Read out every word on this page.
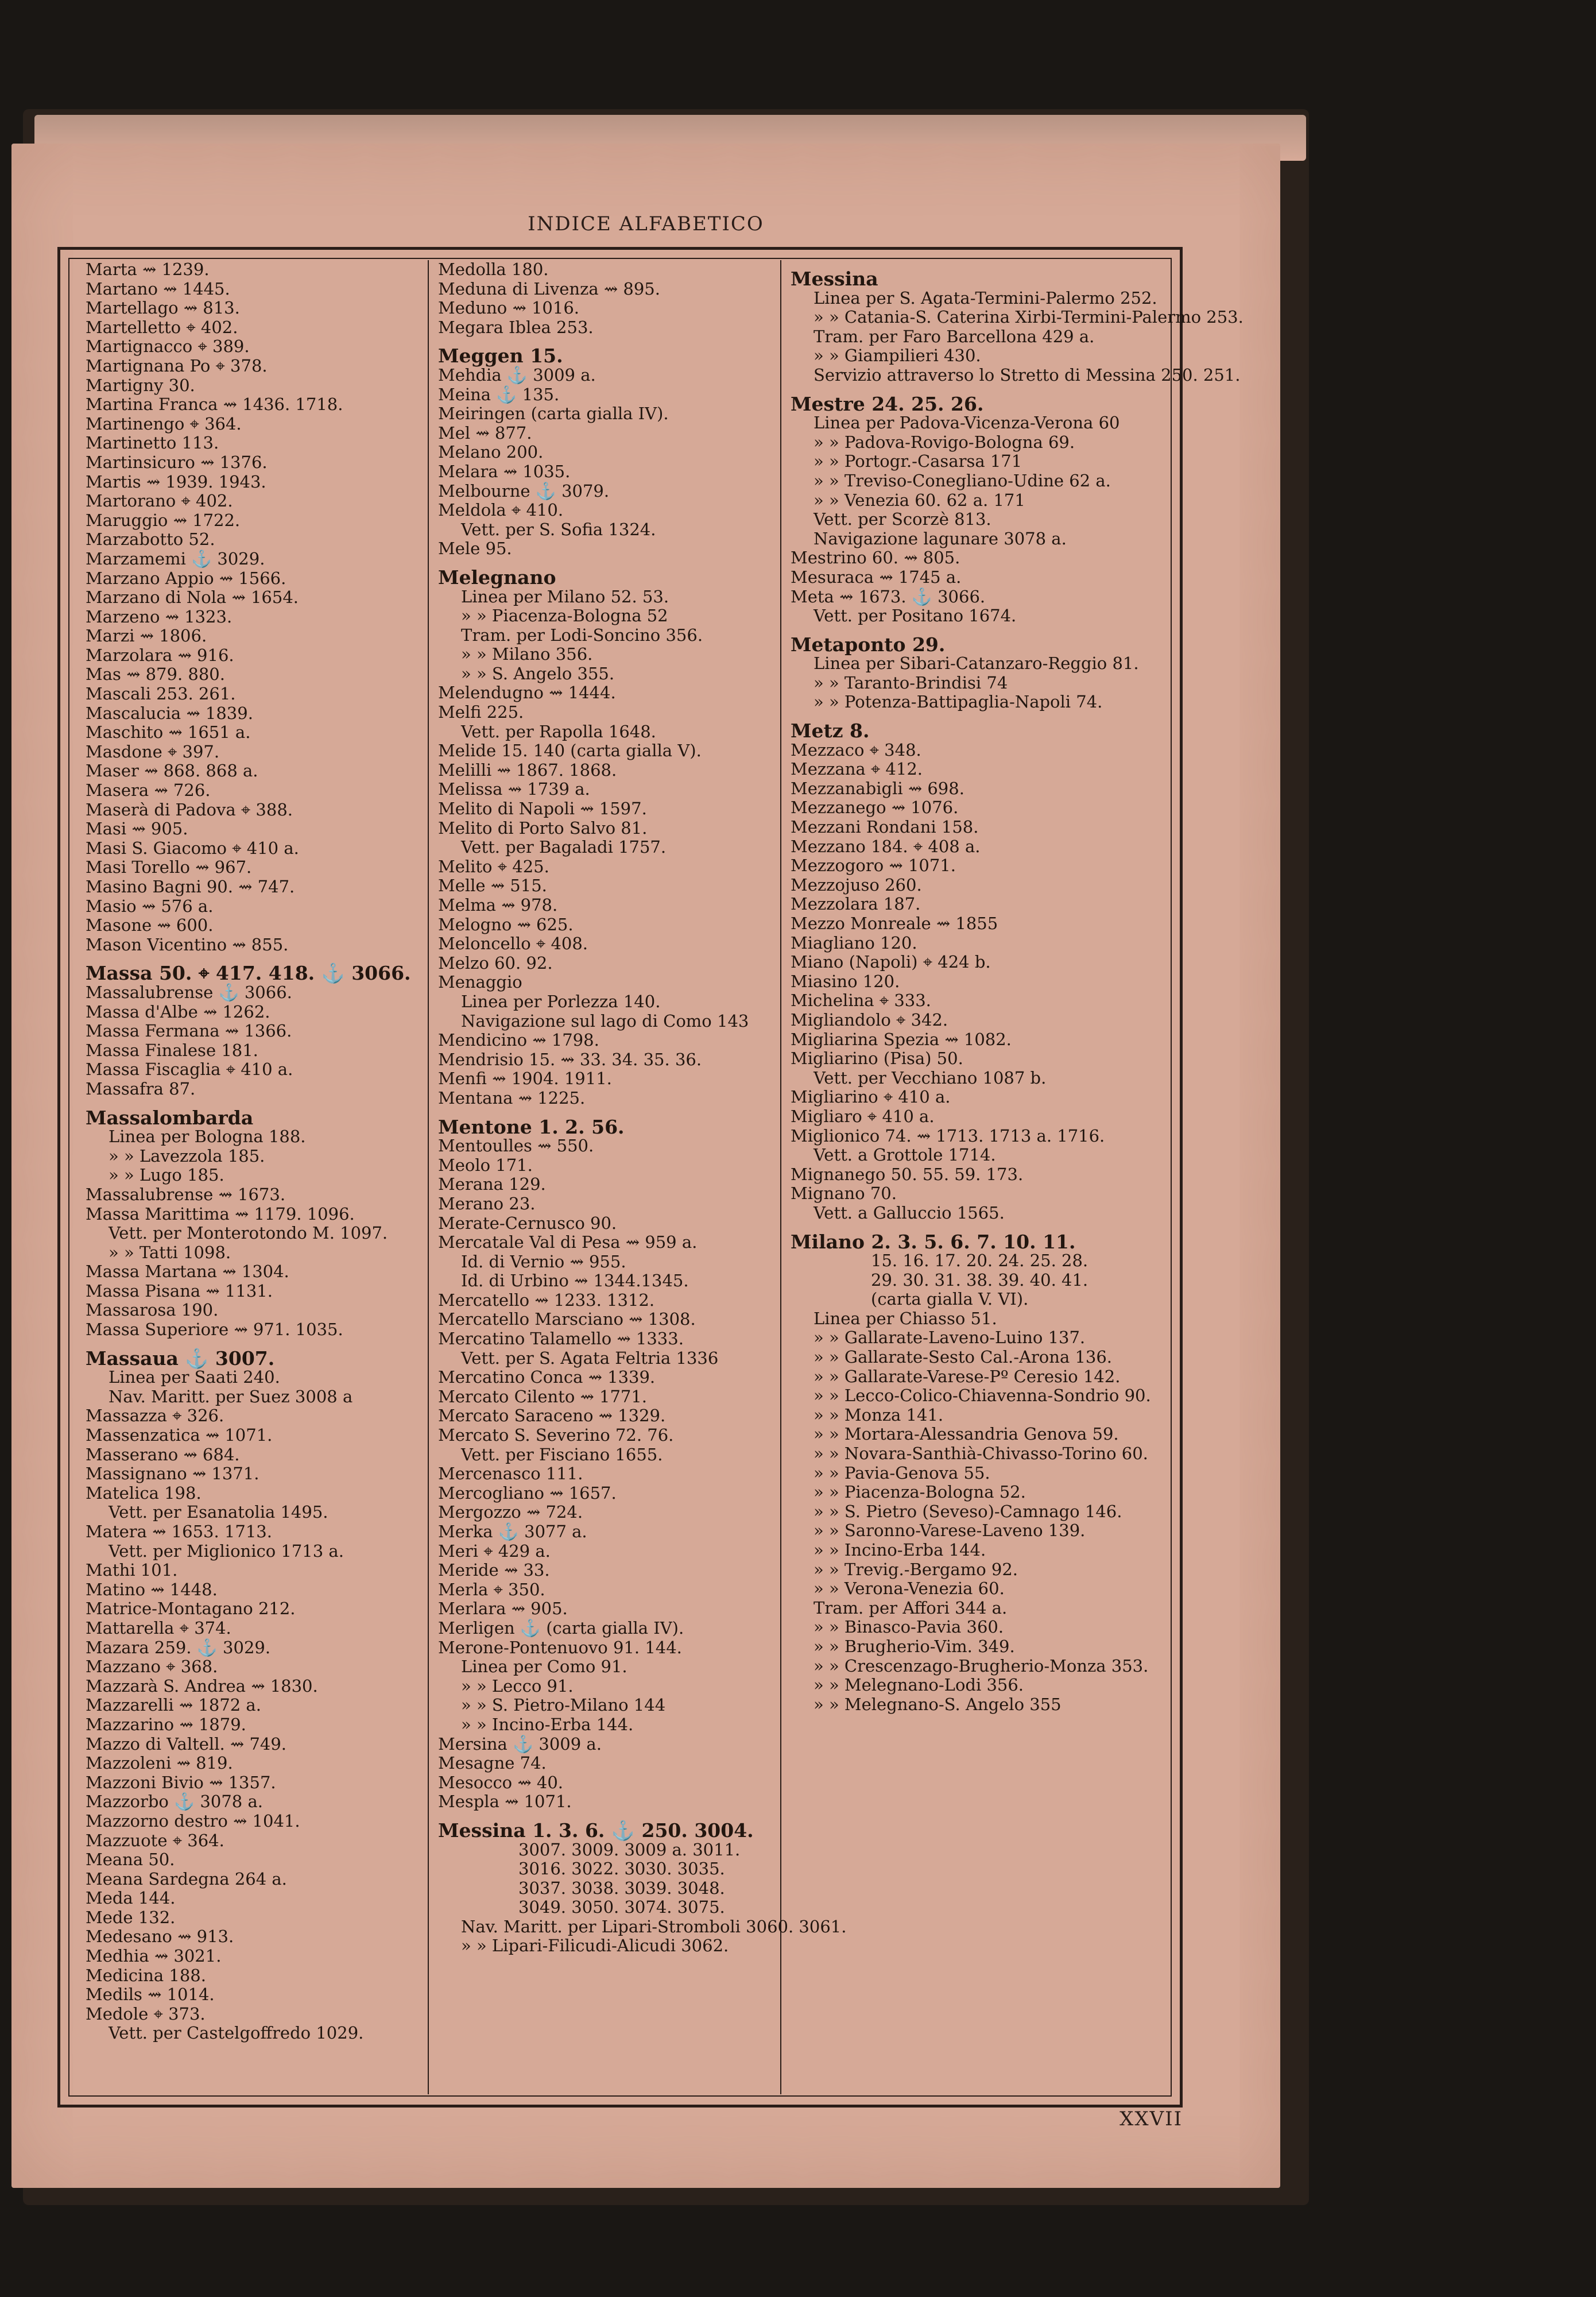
INDICE ALFABETICO
Marta ⇝ 1239.
Martano ⇝ 1445.
Martellago ⇝ 813.
Martelletto ⌖ 402.
Martignacco ⌖ 389.
Martignana Po ⌖ 378.
Martigny 30.
Martina Franca ⇝ 1436. 1718.
Martinengo ⌖ 364.
Martinetto 113.
Martinsicuro ⇝ 1376.
Martis ⇝ 1939. 1943.
Martorano ⌖ 402.
Maruggio ⇝ 1722.
Marzabotto 52.
Marzamemi ⚓ 3029.
Marzano Appio ⇝ 1566.
Marzano di Nola ⇝ 1654.
Marzeno ⇝ 1323.
Marzi ⇝ 1806.
Marzolara ⇝ 916.
Mas ⇝ 879. 880.
Mascali 253. 261.
Mascalucia ⇝ 1839.
Maschito ⇝ 1651 a.
Masdone ⌖ 397.
Maser ⇝ 868. 868 a.
Masera ⇝ 726.
Maserà di Padova ⌖ 388.
Masi ⇝ 905.
Masi S. Giacomo ⌖ 410 a.
Masi Torello ⇝ 967.
Masino Bagni 90. ⇝ 747.
Masio ⇝ 576 a.
Masone ⇝ 600.
Mason Vicentino ⇝ 855.
Massa 50. ⌖ 417. 418. ⚓ 3066.
Massalubrense ⚓ 3066.
Massa d'Albe ⇝ 1262.
Massa Fermana ⇝ 1366.
Massa Finalese 181.
Massa Fiscaglia ⌖ 410 a.
Massafra 87.
Massalombarda
Linea per Bologna 188.
» » Lavezzola 185.
» » Lugo 185.
Massalubrense ⇝ 1673.
Massa Marittima ⇝ 1179. 1096.
Vett. per Monterotondo M. 1097.
» » Tatti 1098.
Massa Martana ⇝ 1304.
Massa Pisana ⇝ 1131.
Massarosa 190.
Massa Superiore ⇝ 971. 1035.
Massaua ⚓ 3007.
Linea per Saati 240.
Nav. Maritt. per Suez 3008 a
Massazza ⌖ 326.
Massenzatica ⇝ 1071.
Masserano ⇝ 684.
Massignano ⇝ 1371.
Matelica 198.
Vett. per Esanatolia 1495.
Matera ⇝ 1653. 1713.
Vett. per Miglionico 1713 a.
Mathi 101.
Matino ⇝ 1448.
Matrice-Montagano 212.
Mattarella ⌖ 374.
Mazara 259. ⚓ 3029.
Mazzano ⌖ 368.
Mazzarà S. Andrea ⇝ 1830.
Mazzarelli ⇝ 1872 a.
Mazzarino ⇝ 1879.
Mazzo di Valtell. ⇝ 749.
Mazzoleni ⇝ 819.
Mazzoni Bivio ⇝ 1357.
Mazzorbo ⚓ 3078 a.
Mazzorno destro ⇝ 1041.
Mazzuote ⌖ 364.
Meana 50.
Meana Sardegna 264 a.
Meda 144.
Mede 132.
Medesano ⇝ 913.
Medhia ⇝ 3021.
Medicina 188.
Medils ⇝ 1014.
Medole ⌖ 373.
Vett. per Castelgoffredo 1029.
Medolla 180.
Meduna di Livenza ⇝ 895.
Meduno ⇝ 1016.
Megara Iblea 253.
Meggen 15.
Mehdia ⚓ 3009 a.
Meina ⚓ 135.
Meiringen (carta gialla IV).
Mel ⇝ 877.
Melano 200.
Melara ⇝ 1035.
Melbourne ⚓ 3079.
Meldola ⌖ 410.
Vett. per S. Sofia 1324.
Mele 95.
Melegnano
Linea per Milano 52. 53.
» » Piacenza-Bologna 52
Tram. per Lodi-Soncino 356.
» » Milano 356.
» » S. Angelo 355.
Melendugno ⇝ 1444.
Melfi 225.
Vett. per Rapolla 1648.
Melide 15. 140 (carta gialla V).
Melilli ⇝ 1867. 1868.
Melissa ⇝ 1739 a.
Melito di Napoli ⇝ 1597.
Melito di Porto Salvo 81.
Vett. per Bagaladi 1757.
Melito ⌖ 425.
Melle ⇝ 515.
Melma ⇝ 978.
Melogno ⇝ 625.
Meloncello ⌖ 408.
Melzo 60. 92.
Menaggio
Linea per Porlezza 140.
Navigazione sul lago di Como 143
Mendicino ⇝ 1798.
Mendrisio 15. ⇝ 33. 34. 35. 36.
Menfi ⇝ 1904. 1911.
Mentana ⇝ 1225.
Mentone 1. 2. 56.
Mentoulles ⇝ 550.
Meolo 171.
Merana 129.
Merano 23.
Merate-Cernusco 90.
Mercatale Val di Pesa ⇝ 959 a.
Id. di Vernio ⇝ 955.
Id. di Urbino ⇝ 1344.1345.
Mercatello ⇝ 1233. 1312.
Mercatello Marsciano ⇝ 1308.
Mercatino Talamello ⇝ 1333.
Vett. per S. Agata Feltria 1336
Mercatino Conca ⇝ 1339.
Mercato Cilento ⇝ 1771.
Mercato Saraceno ⇝ 1329.
Mercato S. Severino 72. 76.
Vett. per Fisciano 1655.
Mercenasco 111.
Mercogliano ⇝ 1657.
Mergozzo ⇝ 724.
Merka ⚓ 3077 a.
Meri ⌖ 429 a.
Meride ⇝ 33.
Merla ⌖ 350.
Merlara ⇝ 905.
Merligen ⚓ (carta gialla IV).
Merone-Pontenuovo 91. 144.
Linea per Como 91.
» » Lecco 91.
» » S. Pietro-Milano 144
» » Incino-Erba 144.
Mersina ⚓ 3009 a.
Mesagne 74.
Mesocco ⇝ 40.
Mespla ⇝ 1071.
Messina 1. 3. 6. ⚓ 250. 3004.
3007. 3009. 3009 a. 3011.
3016. 3022. 3030. 3035.
3037. 3038. 3039. 3048.
3049. 3050. 3074. 3075.
Nav. Maritt. per Lipari-Stromboli 3060. 3061.
» » Lipari-Filicudi-Alicudi 3062.
Messina
Linea per S. Agata-Termini-Palermo 252.
» » Catania-S. Caterina Xirbi-Termini-Palermo 253.
Tram. per Faro Barcellona 429 a.
» » Giampilieri 430.
Servizio attraverso lo Stretto di Messina 250. 251.
Mestre 24. 25. 26.
Linea per Padova-Vicenza-Verona 60
» » Padova-Rovigo-Bologna 69.
» » Portogr.-Casarsa 171
» » Treviso-Conegliano-Udine 62 a.
» » Venezia 60. 62 a. 171
Vett. per Scorzè 813.
Navigazione lagunare 3078 a.
Mestrino 60. ⇝ 805.
Mesuraca ⇝ 1745 a.
Meta ⇝ 1673. ⚓ 3066.
Vett. per Positano 1674.
Metaponto 29.
Linea per Sibari-Catanzaro-Reggio 81.
» » Taranto-Brindisi 74
» » Potenza-Battipaglia-Napoli 74.
Metz 8.
Mezzaco ⌖ 348.
Mezzana ⌖ 412.
Mezzanabigli ⇝ 698.
Mezzanego ⇝ 1076.
Mezzani Rondani 158.
Mezzano 184. ⌖ 408 a.
Mezzogoro ⇝ 1071.
Mezzojuso 260.
Mezzolara 187.
Mezzo Monreale ⇝ 1855
Miagliano 120.
Miano (Napoli) ⌖ 424 b.
Miasino 120.
Michelina ⌖ 333.
Migliandolo ⌖ 342.
Migliarina Spezia ⇝ 1082.
Migliarino (Pisa) 50.
Vett. per Vecchiano 1087 b.
Migliarino ⌖ 410 a.
Migliaro ⌖ 410 a.
Miglionico 74. ⇝ 1713. 1713 a. 1716.
Vett. a Grottole 1714.
Mignanego 50. 55. 59. 173.
Mignano 70.
Vett. a Galluccio 1565.
Milano 2. 3. 5. 6. 7. 10. 11.
15. 16. 17. 20. 24. 25. 28.
29. 30. 31. 38. 39. 40. 41.
(carta gialla V. VI).
Linea per Chiasso 51.
» » Gallarate-Laveno-Luino 137.
» » Gallarate-Sesto Cal.-Arona 136.
» » Gallarate-Varese-Pº Ceresio 142.
» » Lecco-Colico-Chiavenna-Sondrio 90.
» » Monza 141.
» » Mortara-Alessandria Genova 59.
» » Novara-Santhià-Chivasso-Torino 60.
» » Pavia-Genova 55.
» » Piacenza-Bologna 52.
» » S. Pietro (Seveso)-Camnago 146.
» » Saronno-Varese-Laveno 139.
» » Incino-Erba 144.
» » Trevig.-Bergamo 92.
» » Verona-Venezia 60.
Tram. per Affori 344 a.
» » Binasco-Pavia 360.
» » Brugherio-Vim. 349.
» » Crescenzago-Brugherio-Monza 353.
» » Melegnano-Lodi 356.
» » Melegnano-S. Angelo 355
XXVII
